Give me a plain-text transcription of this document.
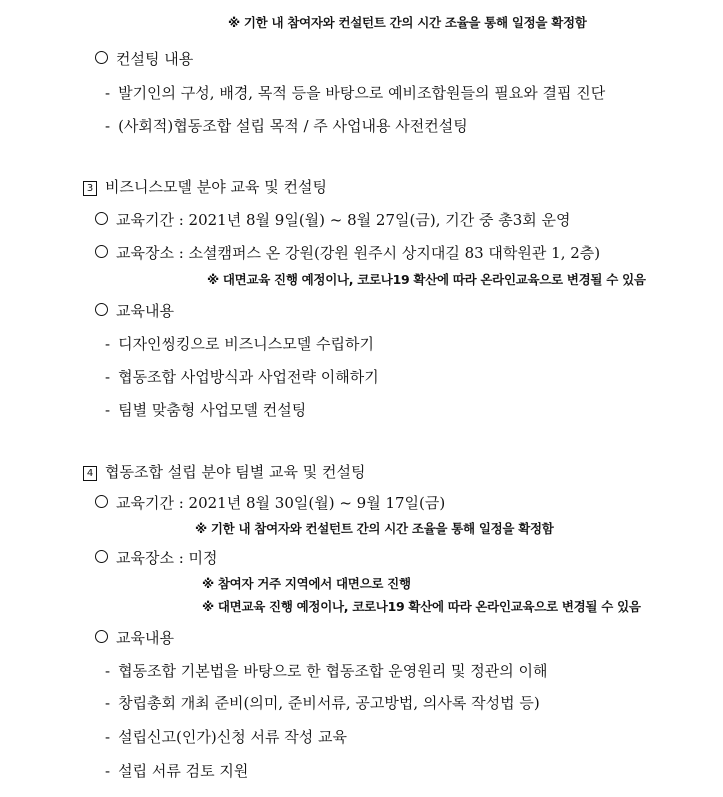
※ 기한 내 참여자와 컨설턴트 간의 시간 조율을 통해 일정을 확정함
컨설팅 내용
- 발기인의 구성, 배경, 목적 등을 바탕으로 예비조합원들의 필요와 결핍 진단
- (사회적)협동조합 설립 목적 / 주 사업내용 사전컨설팅
3 비즈니스모델 분야 교육 및 컨설팅
교육기간 : 2021년 8월 9일(월) ~ 8월 27일(금), 기간 중 총3회 운영
교육장소 : 소셜캠퍼스 온 강원(강원 원주시 상지대길 83 대학원관 1, 2층)
※ 대면교육 진행 예정이나, 코로나19 확산에 따라 온라인교육으로 변경될 수 있음
교육내용
- 디자인씽킹으로 비즈니스모델 수립하기
- 협동조합 사업방식과 사업전략 이해하기
- 팀별 맞춤형 사업모델 컨설팅
4 협동조합 설립 분야 팀별 교육 및 컨설팅
교육기간 : 2021년 8월 30일(월) ~ 9월 17일(금)
※ 기한 내 참여자와 컨설턴트 간의 시간 조율을 통해 일정을 확정함
교육장소 : 미정
※ 참여자 거주 지역에서 대면으로 진행
※ 대면교육 진행 예정이나, 코로나19 확산에 따라 온라인교육으로 변경될 수 있음
교육내용
- 협동조합 기본법을 바탕으로 한 협동조합 운영원리 및 정관의 이해
- 창립총회 개최 준비(의미, 준비서류, 공고방법, 의사록 작성법 등)
- 설립신고(인가)신청 서류 작성 교육
- 설립 서류 검토 지원
